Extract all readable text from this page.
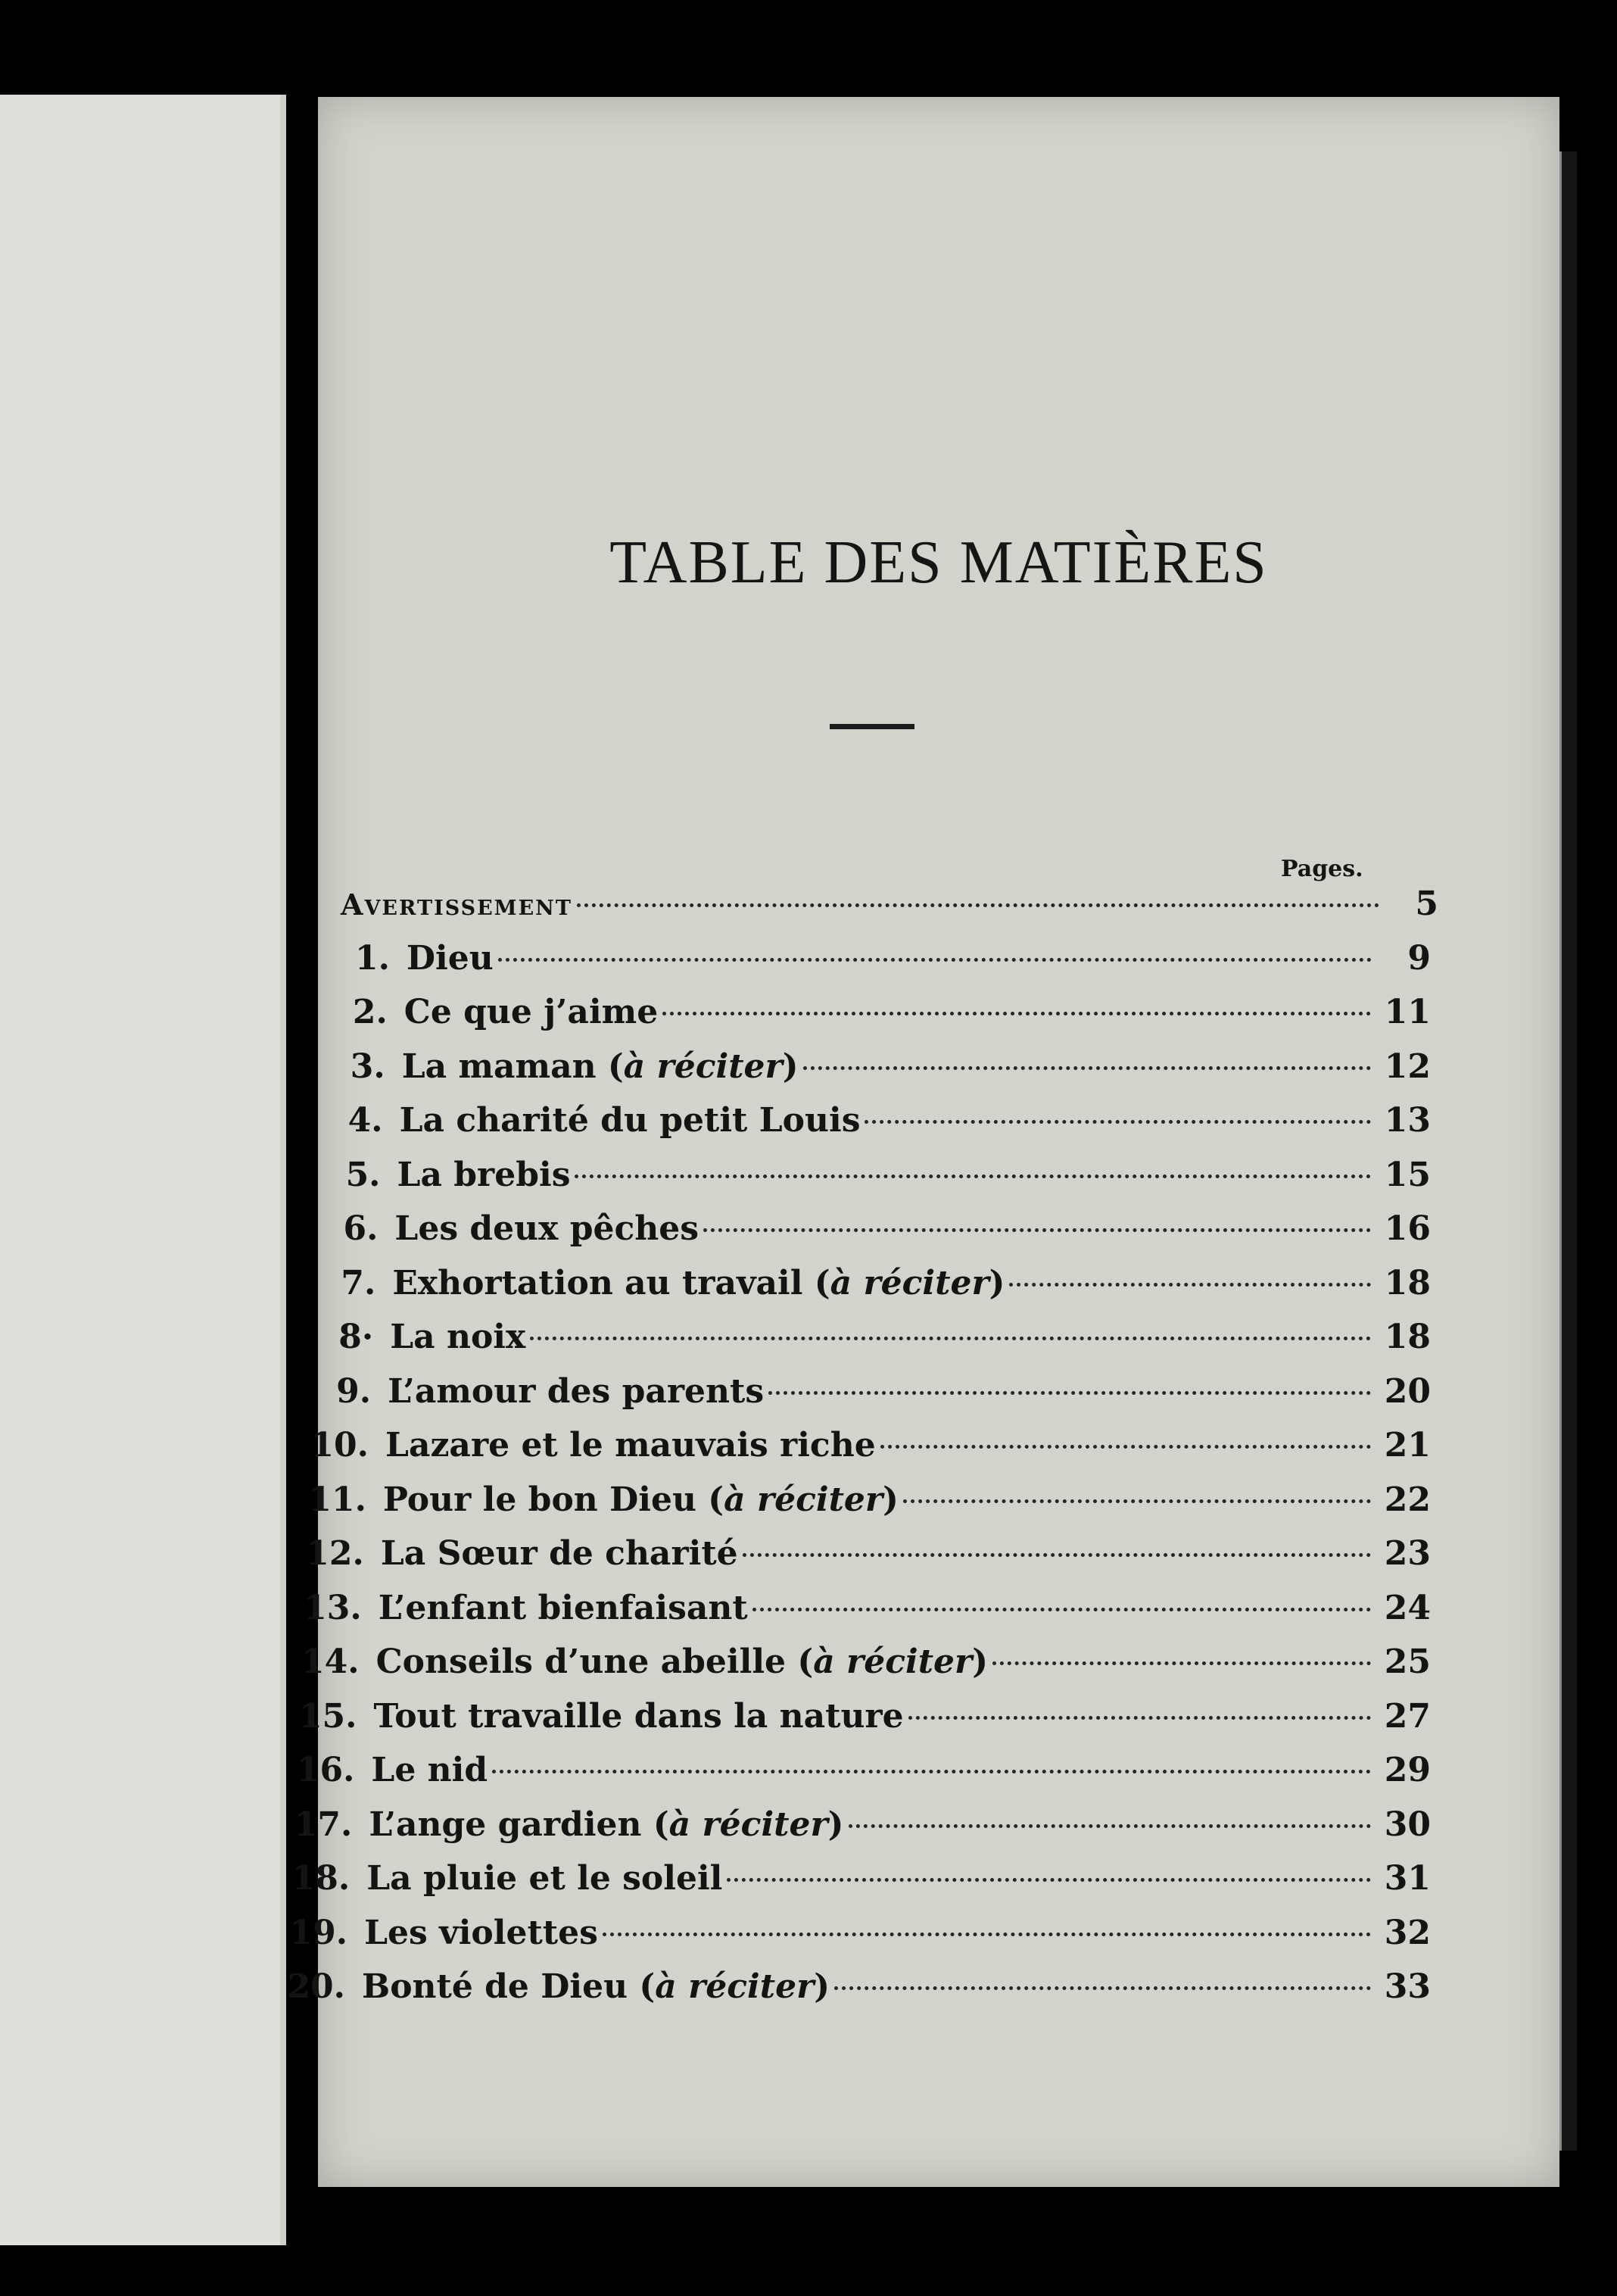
TABLE DES MATIÈRES
Pages.
Avertissement	5
1. Dieu	9
2. Ce que j’aime	11
3. La maman (à réciter)	12
4. La charité du petit Louis	13
5. La brebis	15
6. Les deux pêches	16
7. Exhortation au travail (à réciter)	18
8· La noix	18
9. L’amour des parents	20
10. Lazare et le mauvais riche	21
11. Pour le bon Dieu (à réciter)	22
12. La Sœur de charité	23
13. L’enfant bienfaisant	24
14. Conseils d’une abeille (à réciter)	25
15. Tout travaille dans la nature	27
16. Le nid	29
17. L’ange gardien (à réciter)	30
18. La pluie et le soleil	31
19. Les violettes	32
20. Bonté de Dieu (à réciter)	33
